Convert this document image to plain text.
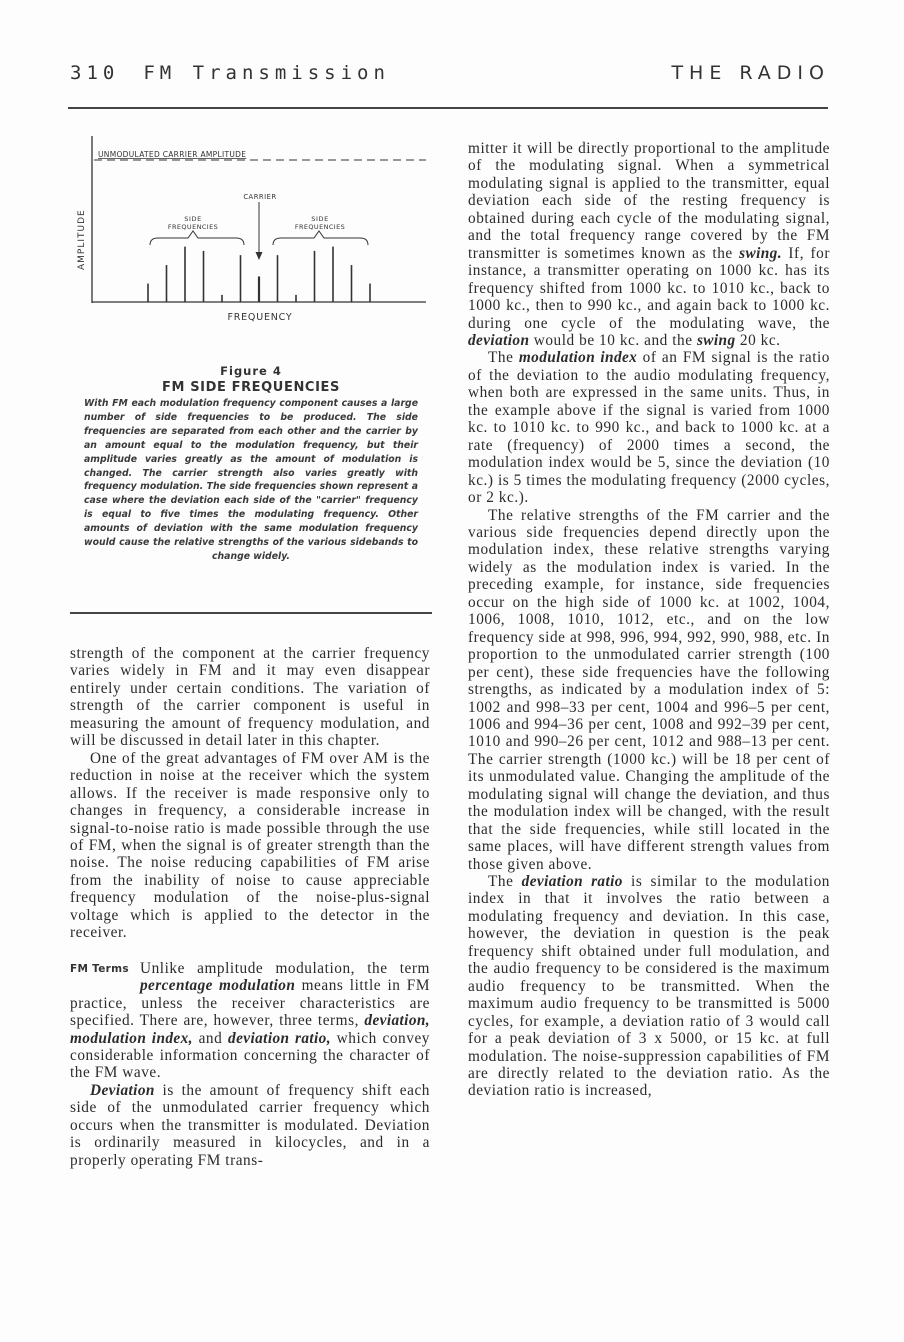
310 FM Transmission	THE RADIO
UNMODULATED CARRIER AMPLITUDE
AMPLITUDE
FREQUENCY
CARRIER
SIDE
FREQUENCIES
SIDE
FREQUENCIES
Figure 4
FM SIDE FREQUENCIES
With FM each modulation frequency component causes a large number of side frequencies to be produced. The side frequencies are separated from each other and the carrier by an amount equal to the modulation frequency, but their amplitude varies greatly as the amount of modulation is changed. The carrier strength also varies greatly with frequency modulation. The side frequencies shown represent a case where the deviation each side of the "carrier" frequency is equal to five times the modulating frequency. Other amounts of deviation with the same modulation frequency would cause the relative strengths of the various sidebands to change widely.

strength of the component at the carrier frequency varies widely in FM and it may even disappear entirely under certain conditions. The variation of strength of the carrier component is useful in measuring the amount of frequency modulation, and will be discussed in detail later in this chapter.

One of the great advantages of FM over AM is the reduction in noise at the receiver which the system allows. If the receiver is made responsive only to changes in frequency, a considerable increase in signal-to-noise ratio is made possible through the use of FM, when the signal is of greater strength than the noise. The noise reducing capabilities of FM arise from the inability of noise to cause appreciable frequency modulation of the noise-plus-signal voltage which is applied to the detector in the receiver.

FM Terms Unlike amplitude modulation, the term percentage modulation means little in FM practice, unless the receiver characteristics are specified. There are, however, three terms, deviation, modulation index, and deviation ratio, which convey considerable information concerning the character of the FM wave.

Deviation is the amount of frequency shift each side of the unmodulated carrier frequency which occurs when the transmitter is modulated. Deviation is ordinarily measured in kilocycles, and in a properly operating FM trans-

mitter it will be directly proportional to the amplitude of the modulating signal. When a symmetrical modulating signal is applied to the transmitter, equal deviation each side of the resting frequency is obtained during each cycle of the modulating signal, and the total frequency range covered by the FM transmitter is sometimes known as the swing. If, for instance, a transmitter operating on 1000 kc. has its frequency shifted from 1000 kc. to 1010 kc., back to 1000 kc., then to 990 kc., and again back to 1000 kc. during one cycle of the modulating wave, the deviation would be 10 kc. and the swing 20 kc.

The modulation index of an FM signal is the ratio of the deviation to the audio modulating frequency, when both are expressed in the same units. Thus, in the example above if the signal is varied from 1000 kc. to 1010 kc. to 990 kc., and back to 1000 kc. at a rate (frequency) of 2000 times a second, the modulation index would be 5, since the deviation (10 kc.) is 5 times the modulating frequency (2000 cycles, or 2 kc.).

The relative strengths of the FM carrier and the various side frequencies depend directly upon the modulation index, these relative strengths varying widely as the modulation index is varied. In the preceding example, for instance, side frequencies occur on the high side of 1000 kc. at 1002, 1004, 1006, 1008, 1010, 1012, etc., and on the low frequency side at 998, 996, 994, 992, 990, 988, etc. In proportion to the unmodulated carrier strength (100 per cent), these side frequencies have the following strengths, as indicated by a modulation index of 5: 1002 and 998–33 per cent, 1004 and 996–5 per cent, 1006 and 994–36 per cent, 1008 and 992–39 per cent, 1010 and 990–26 per cent, 1012 and 988–13 per cent. The carrier strength (1000 kc.) will be 18 per cent of its unmodulated value. Changing the amplitude of the modulating signal will change the deviation, and thus the modulation index will be changed, with the result that the side frequencies, while still located in the same places, will have different strength values from those given above.

The deviation ratio is similar to the modulation index in that it involves the ratio between a modulating frequency and deviation. In this case, however, the deviation in question is the peak frequency shift obtained under full modulation, and the audio frequency to be considered is the maximum audio frequency to be transmitted. When the maximum audio frequency to be transmitted is 5000 cycles, for example, a deviation ratio of 3 would call for a peak deviation of 3 x 5000, or 15 kc. at full modulation. The noise-suppression capabilities of FM are directly related to the deviation ratio. As the deviation ratio is increased,
